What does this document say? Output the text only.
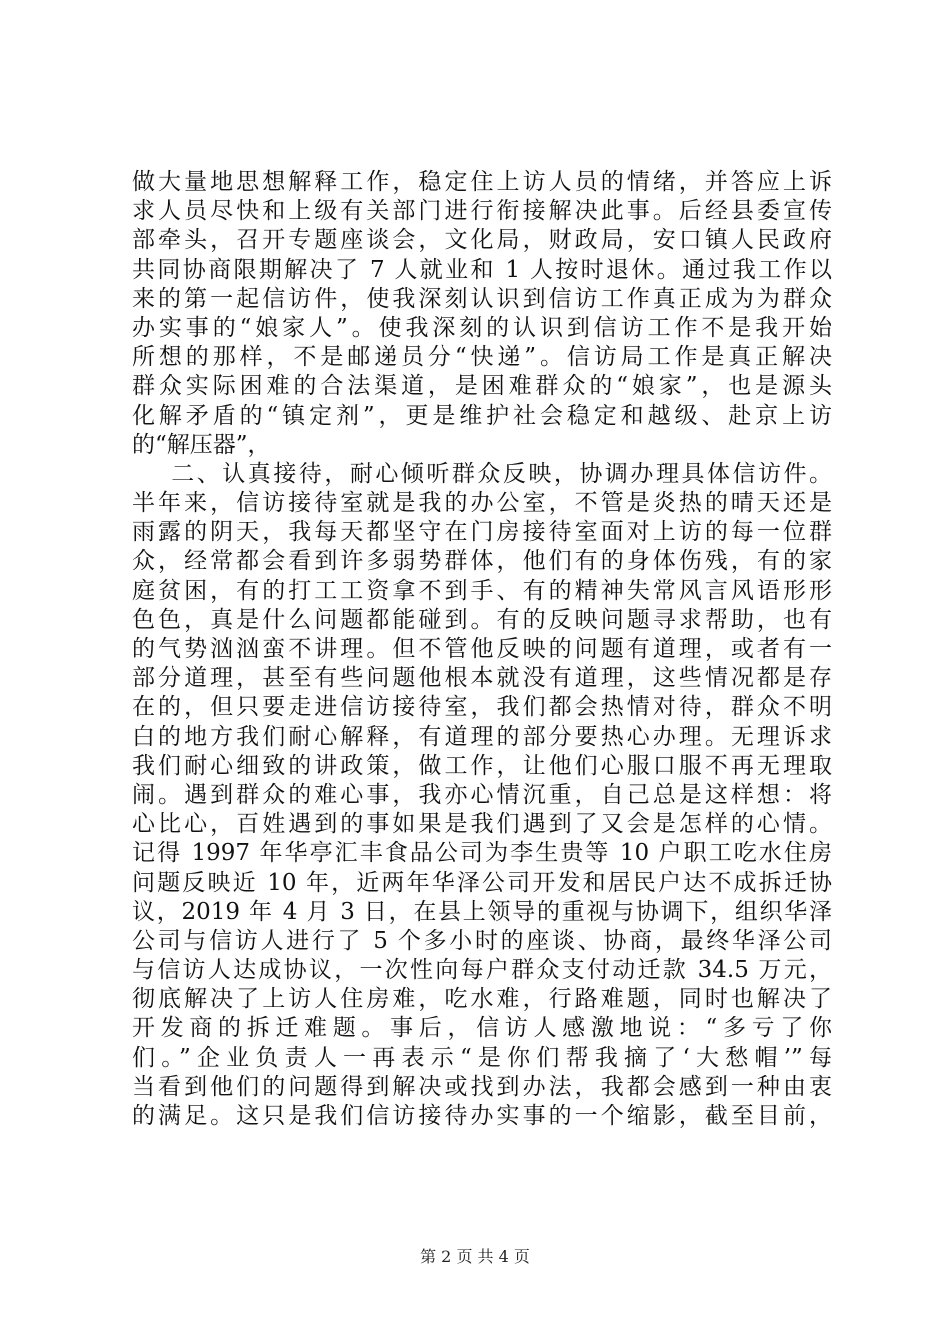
做大量地思想解释工作，稳定住上访人员的情绪，并答应上诉
求人员尽快和上级有关部门进行衔接解决此事。后经县委宣传
部牵头，召开专题座谈会，文化局，财政局，安口镇人民政府
共同协商限期解决了 7 人就业和 1 人按时退休。通过我工作以
来的第一起信访件，使我深刻认识到信访工作真正成为为群众
办实事的“娘家人”。使我深刻的认识到信访工作不是我开始
所想的那样，不是邮递员分“快递”。信访局工作是真正解决
群众实际困难的合法渠道，是困难群众的“娘家”，也是源头
化解矛盾的“镇定剂”，更是维护社会稳定和越级、赴京上访
的“解压器”，
二、认真接待，耐心倾听群众反映，协调办理具体信访件。
半年来，信访接待室就是我的办公室，不管是炎热的晴天还是
雨露的阴天，我每天都坚守在门房接待室面对上访的每一位群
众，经常都会看到许多弱势群体，他们有的身体伤残，有的家
庭贫困，有的打工工资拿不到手、有的精神失常风言风语形形
色色，真是什么问题都能碰到。有的反映问题寻求帮助，也有
的气势汹汹蛮不讲理。但不管他反映的问题有道理，或者有一
部分道理，甚至有些问题他根本就没有道理，这些情况都是存
在的，但只要走进信访接待室，我们都会热情对待，群众不明
白的地方我们耐心解释，有道理的部分要热心办理。无理诉求
我们耐心细致的讲政策，做工作，让他们心服口服不再无理取
闹。遇到群众的难心事，我亦心情沉重，自己总是这样想：将
心比心，百姓遇到的事如果是我们遇到了又会是怎样的心情。
记得 1997 年华亭汇丰食品公司为李生贵等 10 户职工吃水住房
问题反映近 10 年，近两年华泽公司开发和居民户达不成拆迁协
议，2019 年 4 月 3 日，在县上领导的重视与协调下，组织华泽
公司与信访人进行了 5 个多小时的座谈、协商，最终华泽公司
与信访人达成协议，一次性向每户群众支付动迁款 34.5 万元，
彻底解决了上访人住房难，吃水难，行路难题，同时也解决了
开发商的拆迁难题。事后，信访人感激地说：“多亏了你
们。”企业负责人一再表示“是你们帮我摘了‘大愁帽’”每
当看到他们的问题得到解决或找到办法，我都会感到一种由衷
的满足。这只是我们信访接待办实事的一个缩影，截至目前，
第 2 页 共 4 页
